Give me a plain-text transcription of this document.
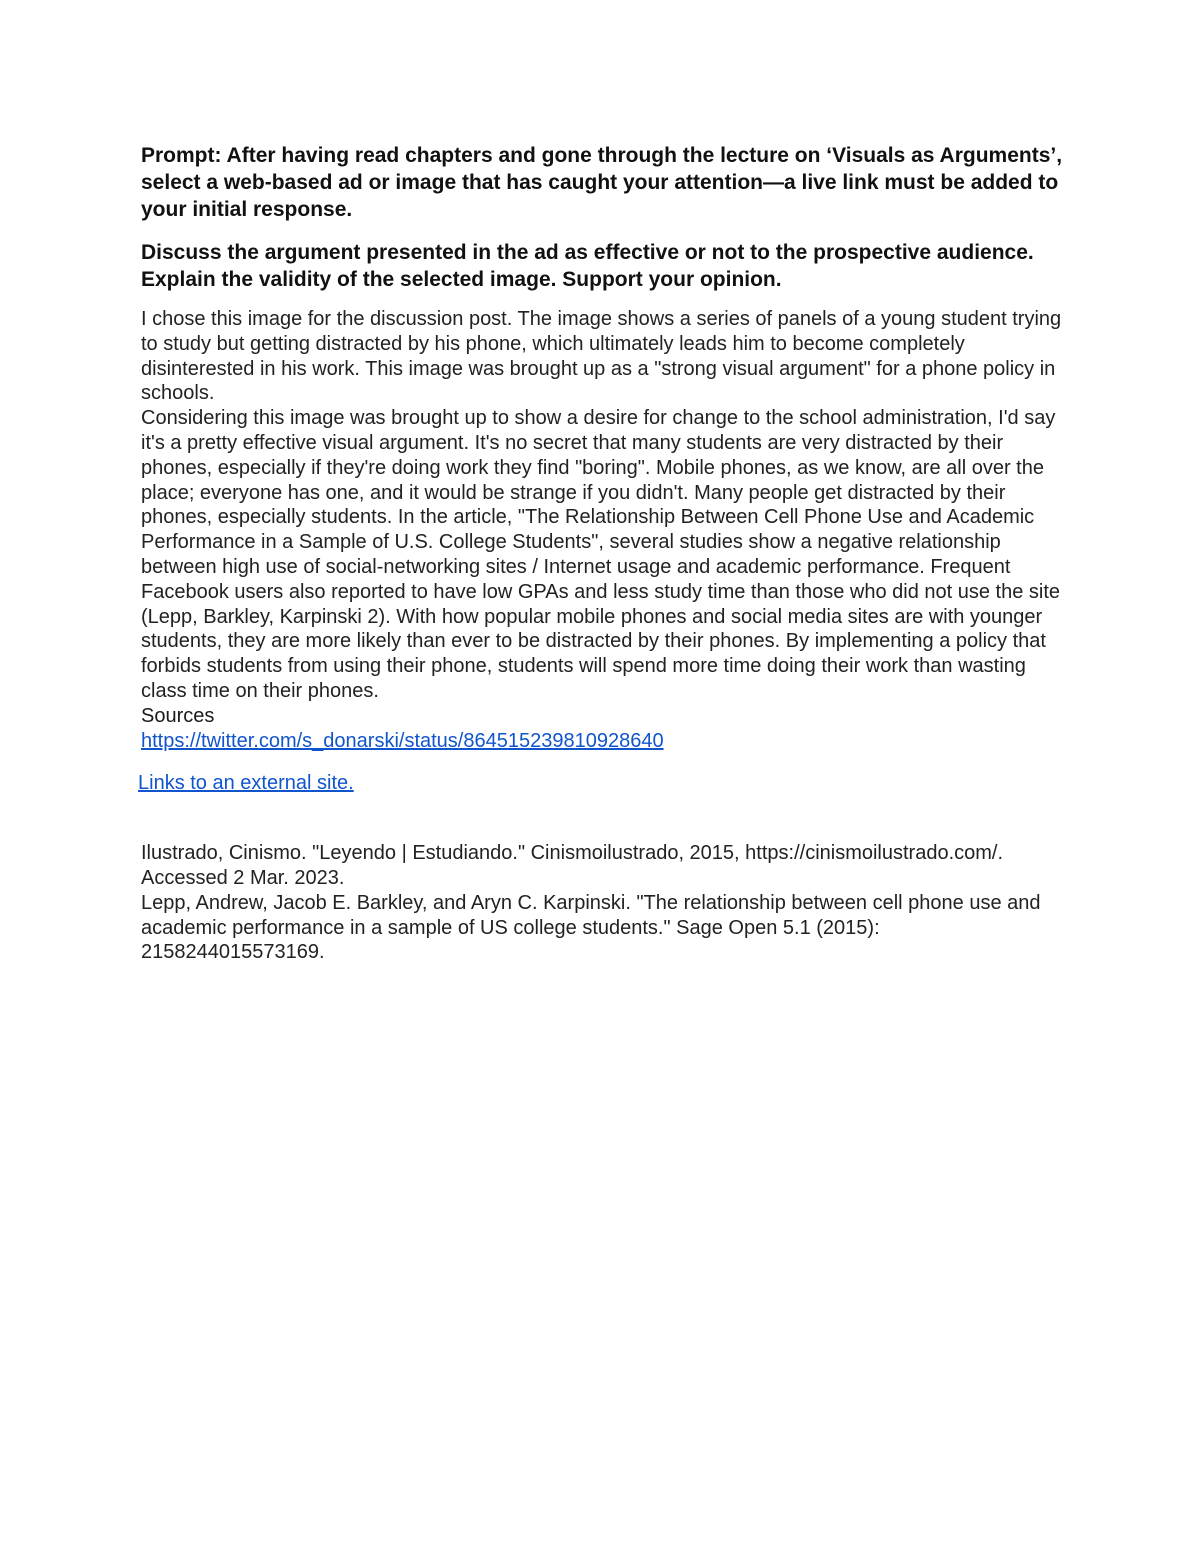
Prompt: After having read chapters and gone through the lecture on ‘Visuals as Arguments’, select a web-based ad or image that has caught your attention—a live link must be added to your initial response.

Discuss the argument presented in the ad as effective or not to the prospective audience. Explain the validity of the selected image. Support your opinion.

I chose this image for the discussion post. The image shows a series of panels of a young student trying to study but getting distracted by his phone, which ultimately leads him to become completely disinterested in his work. This image was brought up as a "strong visual argument" for a phone policy in schools.

Considering this image was brought up to show a desire for change to the school administration, I'd say it's a pretty effective visual argument. It's no secret that many students are very distracted by their phones, especially if they're doing work they find "boring". Mobile phones, as we know, are all over the place; everyone has one, and it would be strange if you didn't. Many people get distracted by their phones, especially students. In the article, "The Relationship Between Cell Phone Use and Academic Performance in a Sample of U.S. College Students", several studies show a negative relationship between high use of social-networking sites / Internet usage and academic performance. Frequent Facebook users also reported to have low GPAs and less study time than those who did not use the site (Lepp, Barkley, Karpinski 2). With how popular mobile phones and social media sites are with younger students, they are more likely than ever to be distracted by their phones. By implementing a policy that forbids students from using their phone, students will spend more time doing their work than wasting class time on their phones.

Sources

https://twitter.com/s_donarski/status/864515239810928640
Links to an external site.

Ilustrado, Cinismo. "Leyendo | Estudiando." Cinismoilustrado, 2015, https://cinismoilustrado.com/. Accessed 2 Mar. 2023.

Lepp, Andrew, Jacob E. Barkley, and Aryn C. Karpinski. "The relationship between cell phone use and academic performance in a sample of US college students." Sage Open 5.1 (2015): 2158244015573169.
